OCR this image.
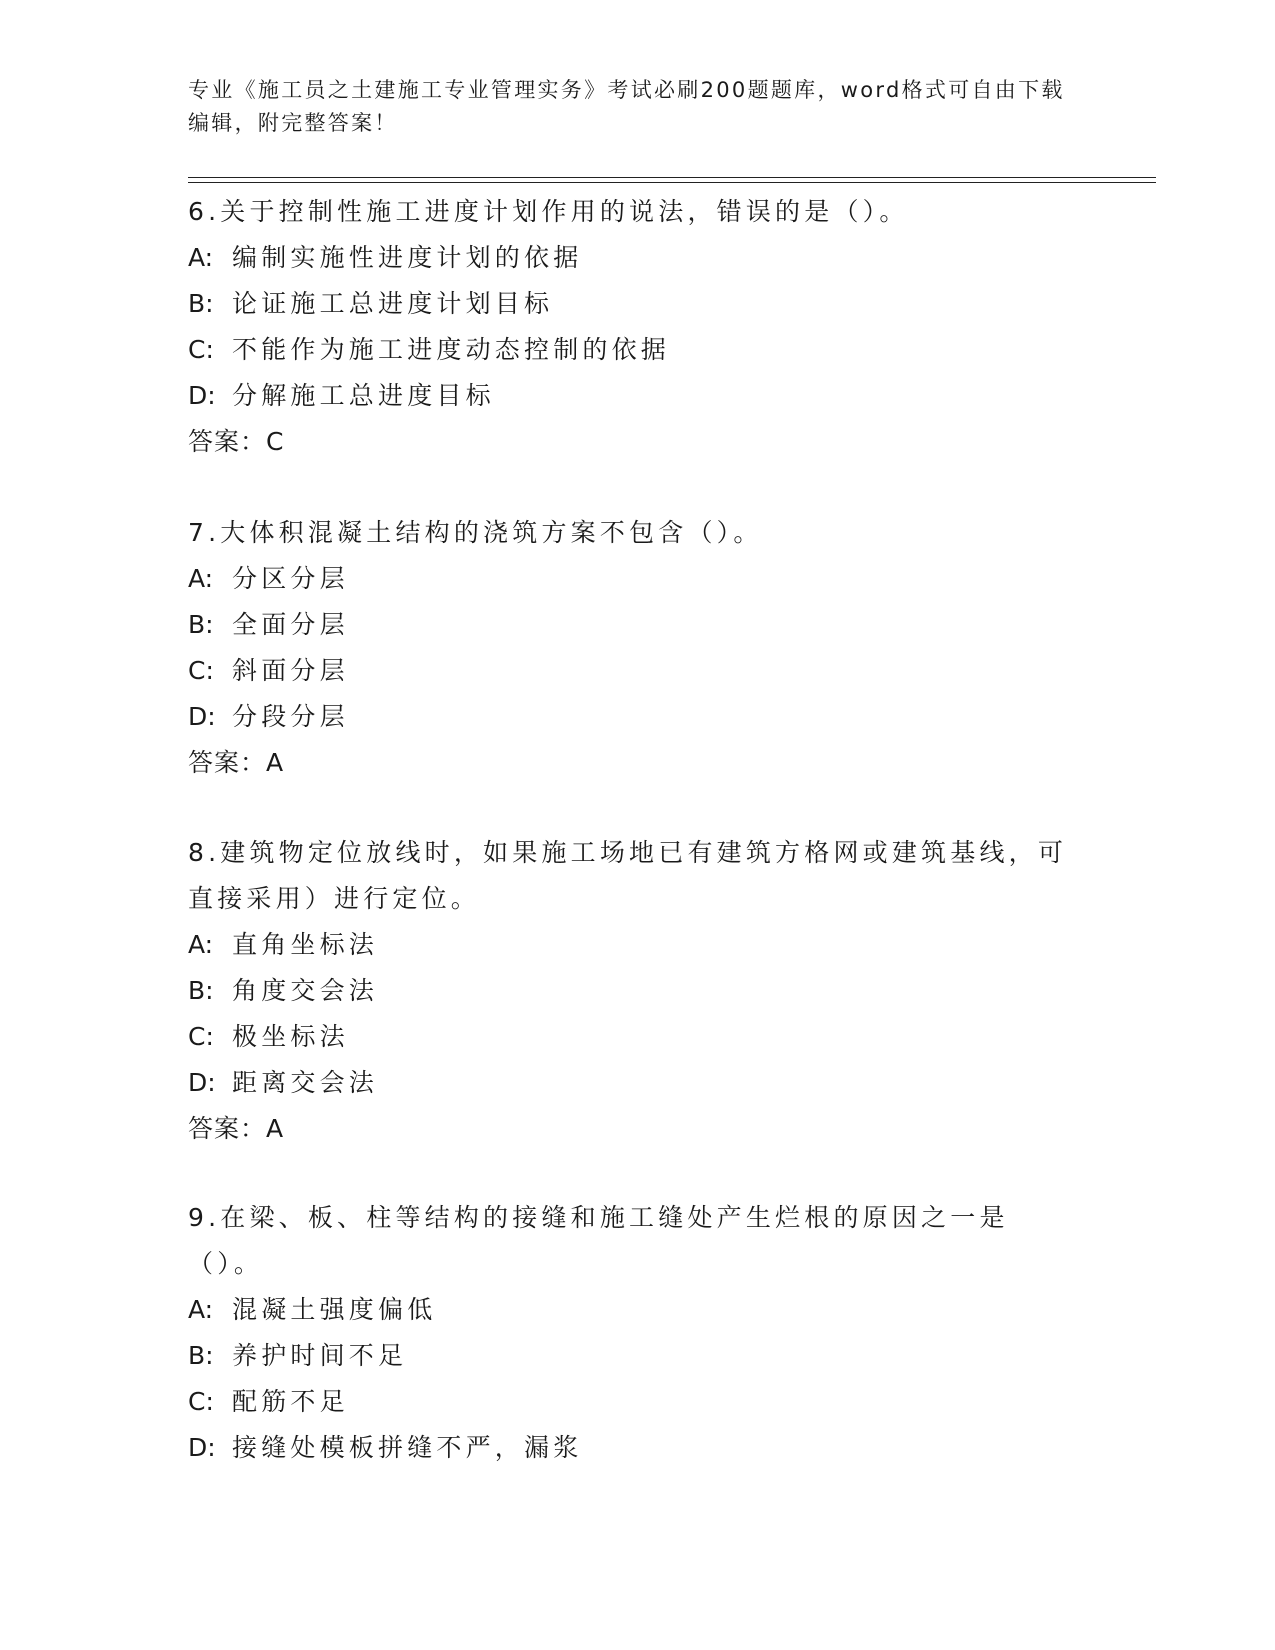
专业《施工员之土建施工专业管理实务》考试必刷200题题库，word格式可自由下载编辑，附完整答案！

6.关于控制性施工进度计划作用的说法，错误的是（）。

A: 编制实施性进度计划的依据

B: 论证施工总进度计划目标

C: 不能作为施工进度动态控制的依据

D: 分解施工总进度目标

答案：C

7.大体积混凝土结构的浇筑方案不包含（）。

A: 分区分层

B: 全面分层

C: 斜面分层

D: 分段分层

答案：A

8.建筑物定位放线时，如果施工场地已有建筑方格网或建筑基线，可直接采用）进行定位。

A: 直角坐标法

B: 角度交会法

C: 极坐标法

D: 距离交会法

答案：A

9.在梁、板、柱等结构的接缝和施工缝处产生烂根的原因之一是（）。

A: 混凝土强度偏低

B: 养护时间不足

C: 配筋不足

D: 接缝处模板拼缝不严，漏浆
